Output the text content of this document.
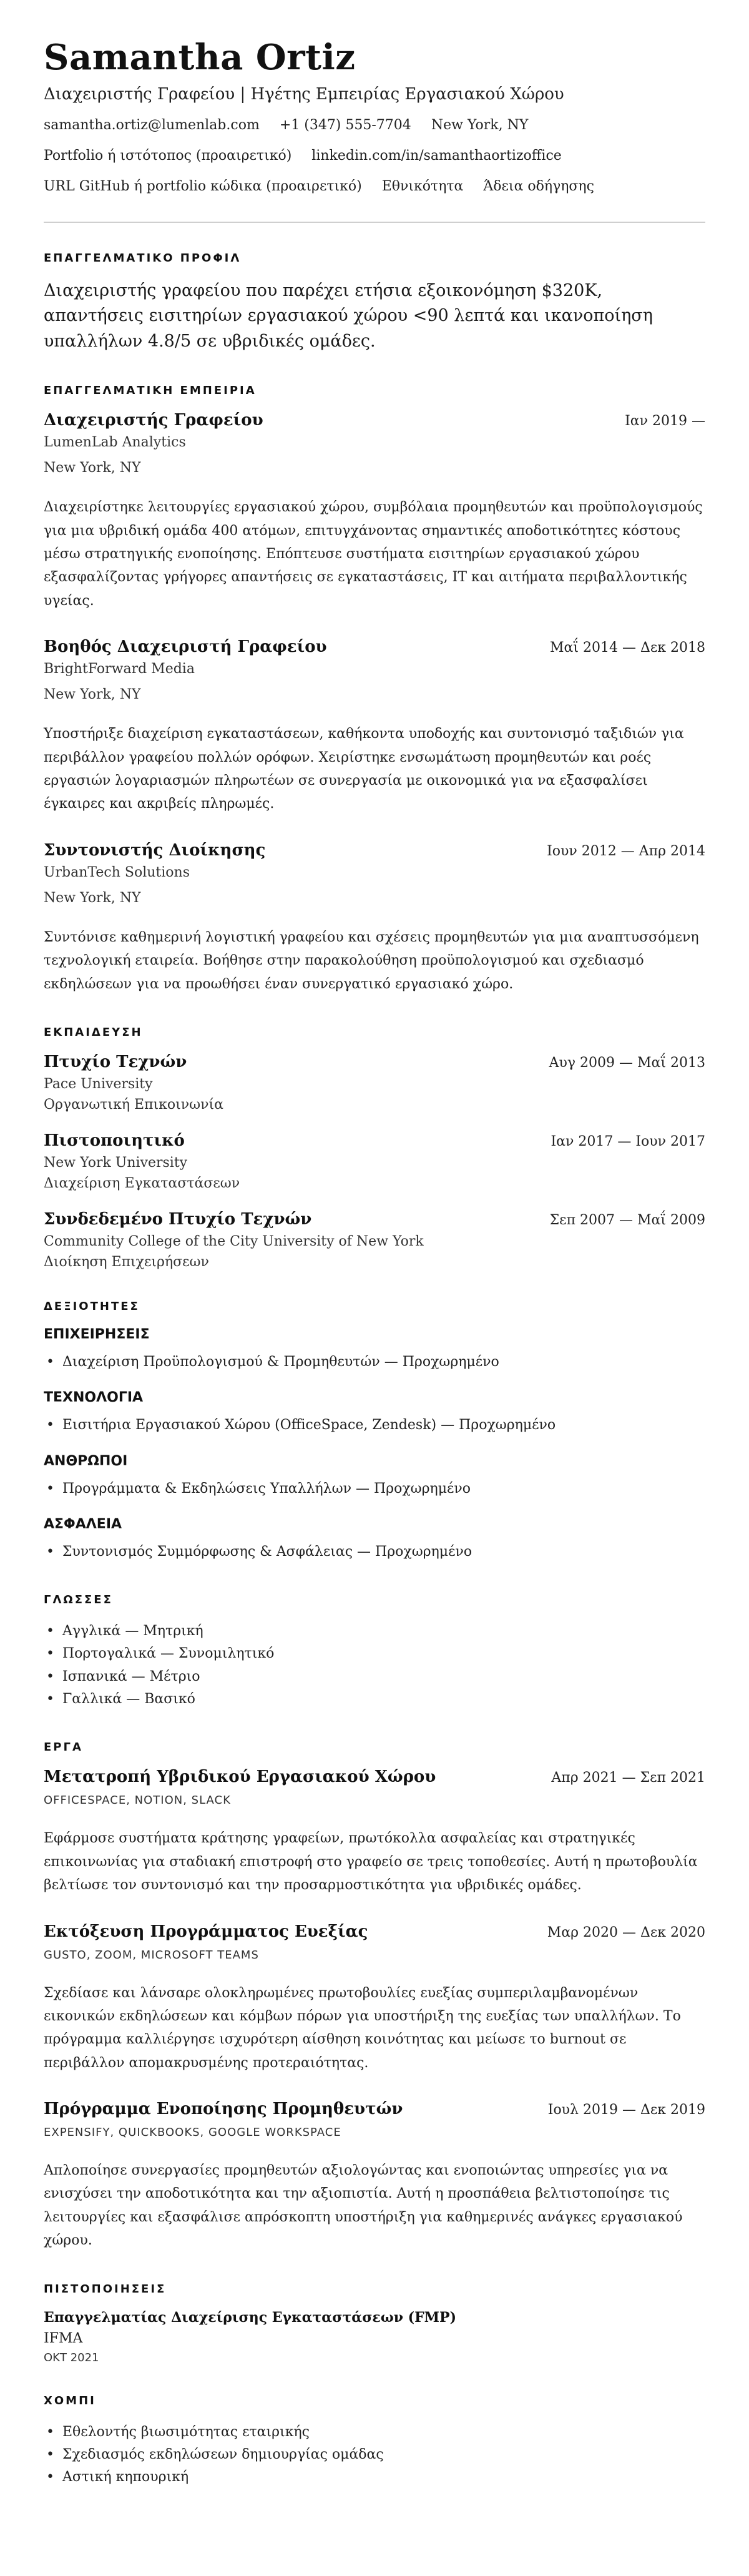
Samantha Ortiz
Διαχειριστής Γραφείου | Ηγέτης Εμπειρίας Εργασιακού Χώρου
samantha.ortiz@lumenlab.com +1 (347) 555-7704 New York, NY
Portfolio ή ιστότοπος (προαιρετικό) linkedin.com/in/samanthaortizoffice
URL GitHub ή portfolio κώδικα (προαιρετικό) Εθνικότητα Άδεια οδήγησης
ΕΠΑΓΓΕΛΜΑΤΙΚΟ ΠΡΟΦΙΛ
Διαχειριστής γραφείου που παρέχει ετήσια εξοικονόμηση $320K, απαντήσεις εισιτηρίων εργασιακού χώρου <90 λεπτά και ικανοποίηση υπαλλήλων 4.8/5 σε υβριδικές ομάδες.
ΕΠΑΓΓΕΛΜΑΤΙΚΗ ΕΜΠΕΙΡΙΑ
Διαχειριστής Γραφείου	Ιαν 2019 —
LumenLab Analytics
New York, NY
Διαχειρίστηκε λειτουργίες εργασιακού χώρου, συμβόλαια προμηθευτών και προϋπολογισμούς για μια υβριδική ομάδα 400 ατόμων, επιτυγχάνοντας σημαντικές αποδοτικότητες κόστους μέσω στρατηγικής ενοποίησης. Επόπτευσε συστήματα εισιτηρίων εργασιακού χώρου εξασφαλίζοντας γρήγορες απαντήσεις σε εγκαταστάσεις, IT και αιτήματα περιβαλλοντικής υγείας.
Βοηθός Διαχειριστή Γραφείου	Μαΐ 2014 — Δεκ 2018
BrightForward Media
New York, NY
Υποστήριξε διαχείριση εγκαταστάσεων, καθήκοντα υποδοχής και συντονισμό ταξιδιών για περιβάλλον γραφείου πολλών ορόφων. Χειρίστηκε ενσωμάτωση προμηθευτών και ροές εργασιών λογαριασμών πληρωτέων σε συνεργασία με οικονομικά για να εξασφαλίσει έγκαιρες και ακριβείς πληρωμές.
Συντονιστής Διοίκησης	Ιουν 2012 — Απρ 2014
UrbanTech Solutions
New York, NY
Συντόνισε καθημερινή λογιστική γραφείου και σχέσεις προμηθευτών για μια αναπτυσσόμενη τεχνολογική εταιρεία. Βοήθησε στην παρακολούθηση προϋπολογισμού και σχεδιασμό εκδηλώσεων για να προωθήσει έναν συνεργατικό εργασιακό χώρο.
ΕΚΠΑΙΔΕΥΣΗ
Πτυχίο Τεχνών	Αυγ 2009 — Μαΐ 2013
Pace University
Οργανωτική Επικοινωνία
Πιστοποιητικό	Ιαν 2017 — Ιουν 2017
New York University
Διαχείριση Εγκαταστάσεων
Συνδεδεμένο Πτυχίο Τεχνών	Σεπ 2007 — Μαΐ 2009
Community College of the City University of New York
Διοίκηση Επιχειρήσεων
ΔΕΞΙΟΤΗΤΕΣ
ΕΠΙΧΕΙΡΗΣΕΙΣ
• Διαχείριση Προϋπολογισμού & Προμηθευτών — Προχωρημένο
ΤΕΧΝΟΛΟΓΙΑ
• Εισιτήρια Εργασιακού Χώρου (OfficeSpace, Zendesk) — Προχωρημένο
ΑΝΘΡΩΠΟΙ
• Προγράμματα & Εκδηλώσεις Υπαλλήλων — Προχωρημένο
ΑΣΦΑΛΕΙΑ
• Συντονισμός Συμμόρφωσης & Ασφάλειας — Προχωρημένο
ΓΛΩΣΣΕΣ
• Αγγλικά — Μητρική
• Πορτογαλικά — Συνομιλητικό
• Ισπανικά — Μέτριο
• Γαλλικά — Βασικό
ΕΡΓΑ
Μετατροπή Υβριδικού Εργασιακού Χώρου	Απρ 2021 — Σεπ 2021
OFFICESPACE, NOTION, SLACK
Εφάρμοσε συστήματα κράτησης γραφείων, πρωτόκολλα ασφαλείας και στρατηγικές επικοινωνίας για σταδιακή επιστροφή στο γραφείο σε τρεις τοποθεσίες. Αυτή η πρωτοβουλία βελτίωσε τον συντονισμό και την προσαρμοστικότητα για υβριδικές ομάδες.
Εκτόξευση Προγράμματος Ευεξίας	Μαρ 2020 — Δεκ 2020
GUSTO, ZOOM, MICROSOFT TEAMS
Σχεδίασε και λάνσαρε ολοκληρωμένες πρωτοβουλίες ευεξίας συμπεριλαμβανομένων εικονικών εκδηλώσεων και κόμβων πόρων για υποστήριξη της ευεξίας των υπαλλήλων. Το πρόγραμμα καλλιέργησε ισχυρότερη αίσθηση κοινότητας και μείωσε το burnout σε περιβάλλον απομακρυσμένης προτεραιότητας.
Πρόγραμμα Ενοποίησης Προμηθευτών	Ιουλ 2019 — Δεκ 2019
EXPENSIFY, QUICKBOOKS, GOOGLE WORKSPACE
Απλοποίησε συνεργασίες προμηθευτών αξιολογώντας και ενοποιώντας υπηρεσίες για να ενισχύσει την αποδοτικότητα και την αξιοπιστία. Αυτή η προσπάθεια βελτιστοποίησε τις λειτουργίες και εξασφάλισε απρόσκοπτη υποστήριξη για καθημερινές ανάγκες εργασιακού χώρου.
ΠΙΣΤΟΠΟΙΗΣΕΙΣ
Επαγγελματίας Διαχείρισης Εγκαταστάσεων (FMP)
IFMA
ΟΚΤ 2021
ΧΟΜΠΙ
• Εθελοντής βιωσιμότητας εταιρικής
• Σχεδιασμός εκδηλώσεων δημιουργίας ομάδας
• Αστική κηπουρική
